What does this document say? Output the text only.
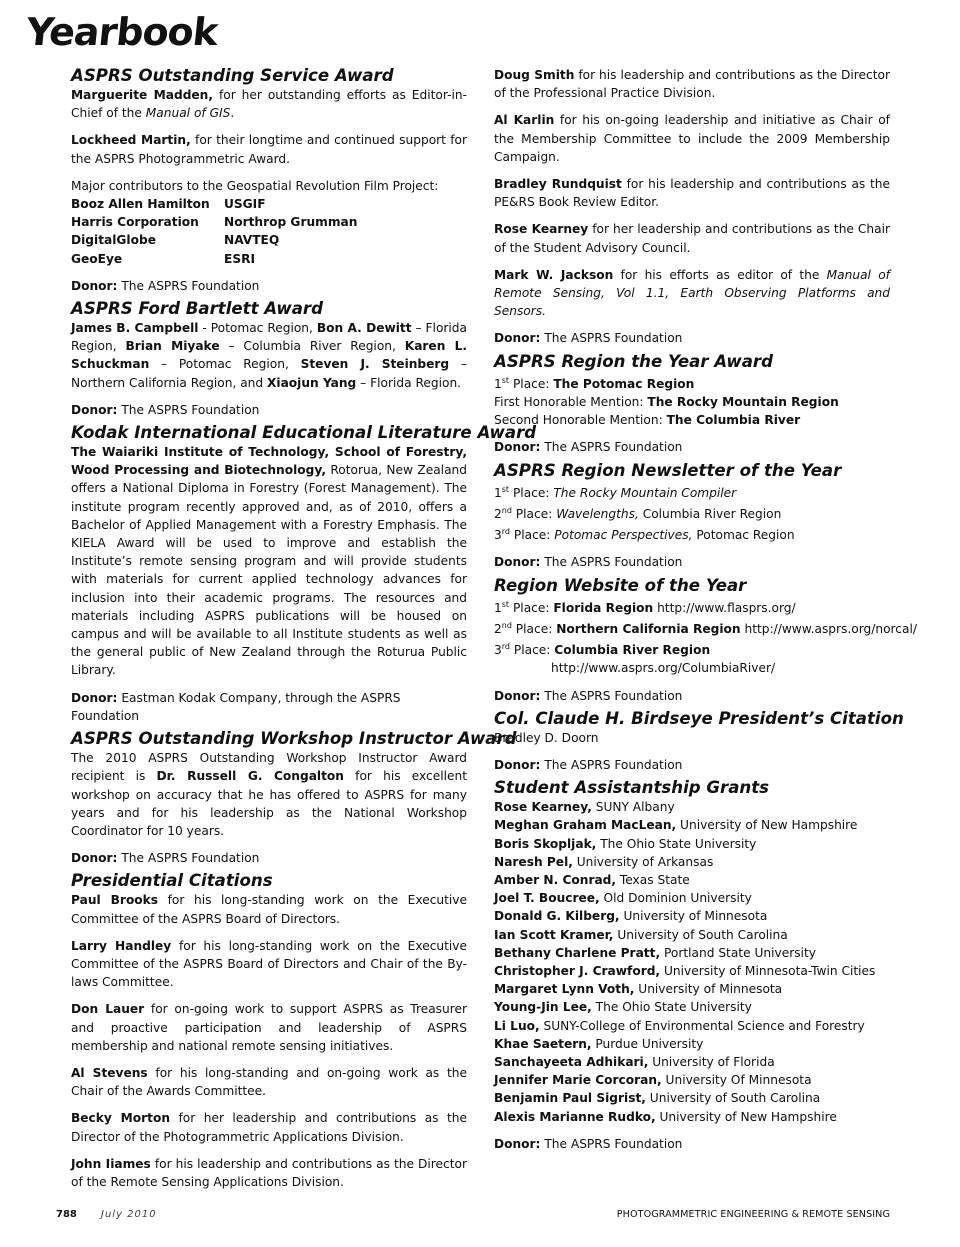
Yearbook
ASPRS Outstanding Service Award

Marguerite Madden, for her outstanding efforts as Editor-in-Chief of the Manual of GIS.

Lockheed Martin, for their longtime and continued support for the ASPRS Photogrammetric Award.

Major contributors to the Geospatial Revolution Film Project:

Booz Allen Hamilton	USGIF
Harris Corporation	Northrop Grumman
DigitalGlobe	NAVTEQ
GeoEye	ESRI

Donor: The ASPRS Foundation

ASPRS Ford Bartlett Award

James B. Campbell - Potomac Region, Bon A. Dewitt – Florida Region, Brian Miyake – Columbia River Region, Karen L. Schuckman – Potomac Region, Steven J. Steinberg – Northern California Region, and Xiaojun Yang – Florida Region.

Donor: The ASPRS Foundation

Kodak International Educational Literature Award

The Waiariki Institute of Technology, School of Forestry, Wood Processing and Biotechnology, Rotorua, New Zealand offers a National Diploma in Forestry (Forest Management). The institute program recently approved and, as of 2010, offers a Bachelor of Applied Management with a Forestry Emphasis. The KIELA Award will be used to improve and establish the Institute’s remote sensing program and will provide students with materials for current applied technology advances for inclusion into their academic programs. The resources and materials including ASPRS publications will be housed on campus and will be available to all Institute students as well as the general public of New Zealand through the Roturua Public Library.

Donor: Eastman Kodak Company, through the ASPRS Foundation

ASPRS Outstanding Workshop Instructor Award

The 2010 ASPRS Outstanding Workshop Instructor Award recipient is Dr. Russell G. Congalton for his excellent workshop on accuracy that he has offered to ASPRS for many years and for his leadership as the National Workshop Coordinator for 10 years.

Donor: The ASPRS Foundation

Presidential Citations

Paul Brooks for his long-standing work on the Executive Committee of the ASPRS Board of Directors.

Larry Handley for his long-standing work on the Executive Committee of the ASPRS Board of Directors and Chair of the By-laws Committee.

Don Lauer for on-going work to support ASPRS as Treasurer and proactive participation and leadership of ASPRS membership and national remote sensing initiatives.

Al Stevens for his long-standing and on-going work as the Chair of the Awards Committee.

Becky Morton for her leadership and contributions as the Director of the Photogrammetric Applications Division.

John Iiames for his leadership and contributions as the Director of the Remote Sensing Applications Division.

Doug Smith for his leadership and contributions as the Director of the Professional Practice Division.

Al Karlin for his on-going leadership and initiative as Chair of the Membership Committee to include the 2009 Membership Campaign.

Bradley Rundquist for his leadership and contributions as the PE&RS Book Review Editor.

Rose Kearney for her leadership and contributions as the Chair of the Student Advisory Council.

Mark W. Jackson for his efforts as editor of the Manual of Remote Sensing, Vol 1.1, Earth Observing Platforms and Sensors.

Donor: The ASPRS Foundation

ASPRS Region the Year Award

1st Place: The Potomac Region

First Honorable Mention: The Rocky Mountain Region

Second Honorable Mention: The Columbia River

Donor: The ASPRS Foundation

ASPRS Region Newsletter of the Year

1st Place: The Rocky Mountain Compiler

2nd Place: Wavelengths, Columbia River Region

3rd Place: Potomac Perspectives, Potomac Region

Donor: The ASPRS Foundation

Region Website of the Year

1st Place: Florida Region http://www.flasprs.org/

2nd Place: Northern California Region http://www.asprs.org/norcal/

3rd Place: Columbia River Region

http://www.asprs.org/ColumbiaRiver/

Donor: The ASPRS Foundation

Col. Claude H. Birdseye President’s Citation

Bradley D. Doorn

Donor: The ASPRS Foundation

Student Assistantship Grants

Rose Kearney, SUNY Albany

Meghan Graham MacLean, University of New Hampshire

Boris Skopljak, The Ohio State University

Naresh Pel, University of Arkansas

Amber N. Conrad, Texas State

Joel T. Boucree, Old Dominion University

Donald G. Kilberg, University of Minnesota

Ian Scott Kramer, University of South Carolina

Bethany Charlene Pratt, Portland State University

Christopher J. Crawford, University of Minnesota-Twin Cities

Margaret Lynn Voth, University of Minnesota

Young-Jin Lee, The Ohio State University

Li Luo, SUNY-College of Environmental Science and Forestry

Khae Saetern, Purdue University

Sanchayeeta Adhikari, University of Florida

Jennifer Marie Corcoran, University Of Minnesota

Benjamin Paul Sigrist, University of South Carolina

Alexis Marianne Rudko, University of New Hampshire

Donor: The ASPRS Foundation

788 July 2010	PHOTOGRAMMETRIC ENGINEERING & REMOTE SENSING
